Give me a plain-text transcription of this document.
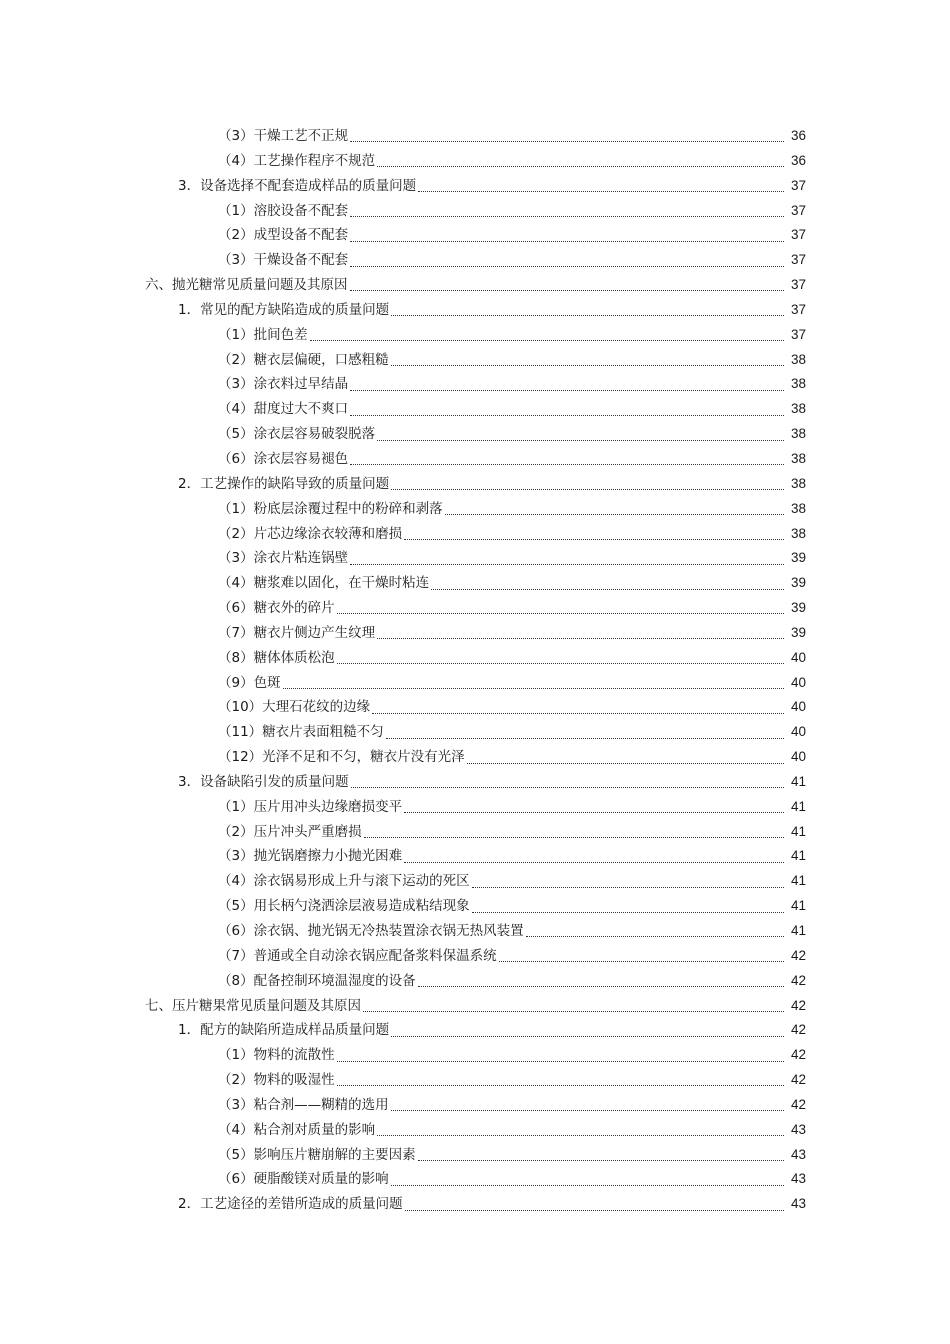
（3）干燥工艺不正规	36
（4）工艺操作程序不规范	36
3．设备选择不配套造成样品的质量问题	37
（1）溶胶设备不配套	37
（2）成型设备不配套	37
（3）干燥设备不配套	37
六、抛光糖常见质量问题及其原因	37
1．常见的配方缺陷造成的质量问题	37
（1）批间色差	37
（2）糖衣层偏硬，口感粗糙	38
（3）涂衣料过早结晶	38
（4）甜度过大不爽口	38
（5）涂衣层容易破裂脱落	38
（6）涂衣层容易褪色	38
2．工艺操作的缺陷导致的质量问题	38
（1）粉底层涂覆过程中的粉碎和剥落	38
（2）片芯边缘涂衣较薄和磨损	38
（3）涂衣片粘连锅壁	39
（4）糖浆难以固化，在干燥时粘连	39
（6）糖衣外的碎片	39
（7）糖衣片侧边产生纹理	39
（8）糖体体质松泡	40
（9）色斑	40
（10）大理石花纹的边缘	40
（11）糖衣片表面粗糙不匀	40
（12）光泽不足和不匀，糖衣片没有光泽	40
3．设备缺陷引发的质量问题	41
（1）压片用冲头边缘磨损变平	41
（2）压片冲头严重磨损	41
（3）抛光锅磨擦力小抛光困难	41
（4）涂衣锅易形成上升与滚下运动的死区	41
（5）用长柄勺浇洒涂层液易造成粘结现象	41
（6）涂衣锅、抛光锅无冷热装置涂衣锅无热风装置	41
（7）普通或全自动涂衣锅应配备浆料保温系统	42
（8）配备控制环境温湿度的设备	42
七、压片糖果常见质量问题及其原因	42
1．配方的缺陷所造成样品质量问题	42
（1）物料的流散性	42
（2）物料的吸湿性	42
（3）粘合剂——糊精的选用	42
（4）粘合剂对质量的影响	43
（5）影响压片糖崩解的主要因素	43
（6）硬脂酸镁对质量的影响	43
2．工艺途径的差错所造成的质量问题	43
